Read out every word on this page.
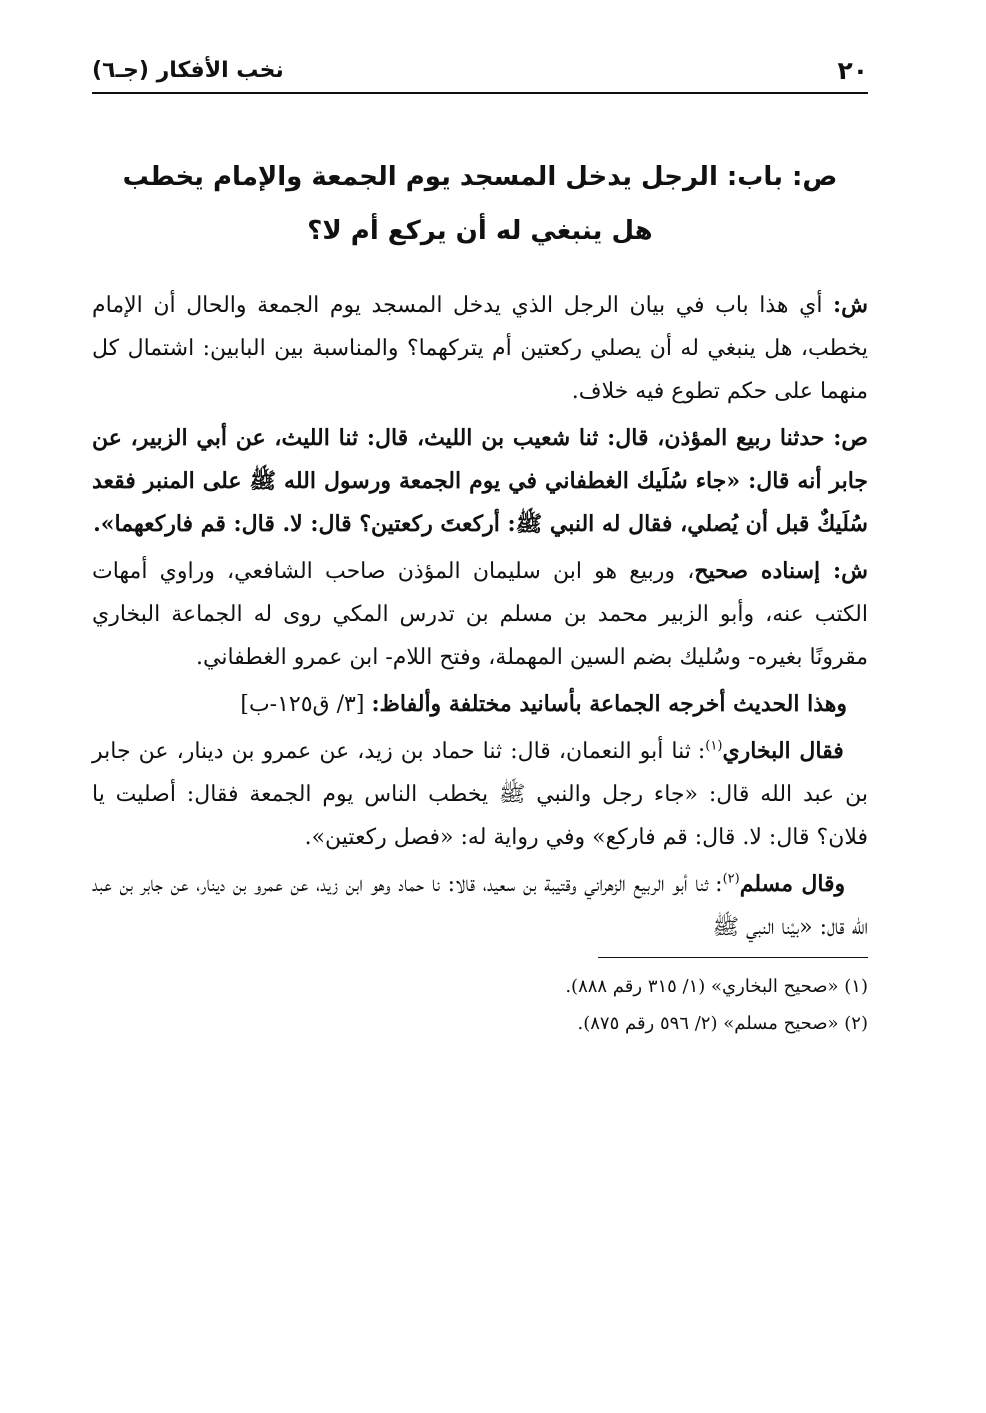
٢٠
نخب الأفكار (جـ٦)
ص: باب: الرجل يدخل المسجد يوم الجمعة والإمام يخطب
هل ينبغي له أن يركع أم لا؟

ش: أي هذا باب في بيان الرجل الذي يدخل المسجد يوم الجمعة والحال أن الإمام يخطب، هل ينبغي له أن يصلي ركعتين أم يتركهما؟ والمناسبة بين البابين: اشتمال كل منهما على حكم تطوع فيه خلاف.

ص: حدثنا ربيع المؤذن، قال: ثنا شعيب بن الليث، قال: ثنا الليث، عن أبي الزبير، عن جابر أنه قال: «جاء سُلَيك الغطفاني في يوم الجمعة ورسول الله ﷺ على المنبر فقعد سُلَيكٌ قبل أن يُصلي، فقال له النبي ﷺ: أركعتَ ركعتين؟ قال: لا. قال: قم فاركعهما».

ش: إسناده صحيح، وربيع هو ابن سليمان المؤذن صاحب الشافعي، وراوي أمهات الكتب عنه، وأبو الزبير محمد بن مسلم بن تدرس المكي روى له الجماعة البخاري مقرونًا بغيره- وسُليك بضم السين المهملة، وفتح اللام- ابن عمرو الغطفاني.

وهذا الحديث أخرجه الجماعة بأسانيد مختلفة وألفاظ: [٣/ ق١٢٥-ب]

فقال البخاري$^{(١)}$: ثنا أبو النعمان، قال: ثنا حماد بن زيد، عن عمرو بن دينار، عن جابر بن عبد الله قال: «جاء رجل والنبي ﷺ يخطب الناس يوم الجمعة فقال: أصليت يا فلان؟ قال: لا. قال: قم فاركع» وفي رواية له: «فصل ركعتين».

وقال مسلم$^{(٢)}$: ثنا أبو الربيع الزهراني وقتيبة بن سعيد، قالا: نا حماد وهو ابن زيد، عن عمرو بن دينار، عن جابر بن عبد الله قال: «بيْنا النبي ﷺ

(١) «صحيح البخاري» (١/ ٣١٥ رقم ٨٨٨).

(٢) «صحيح مسلم» (٢/ ٥٩٦ رقم ٨٧٥).
